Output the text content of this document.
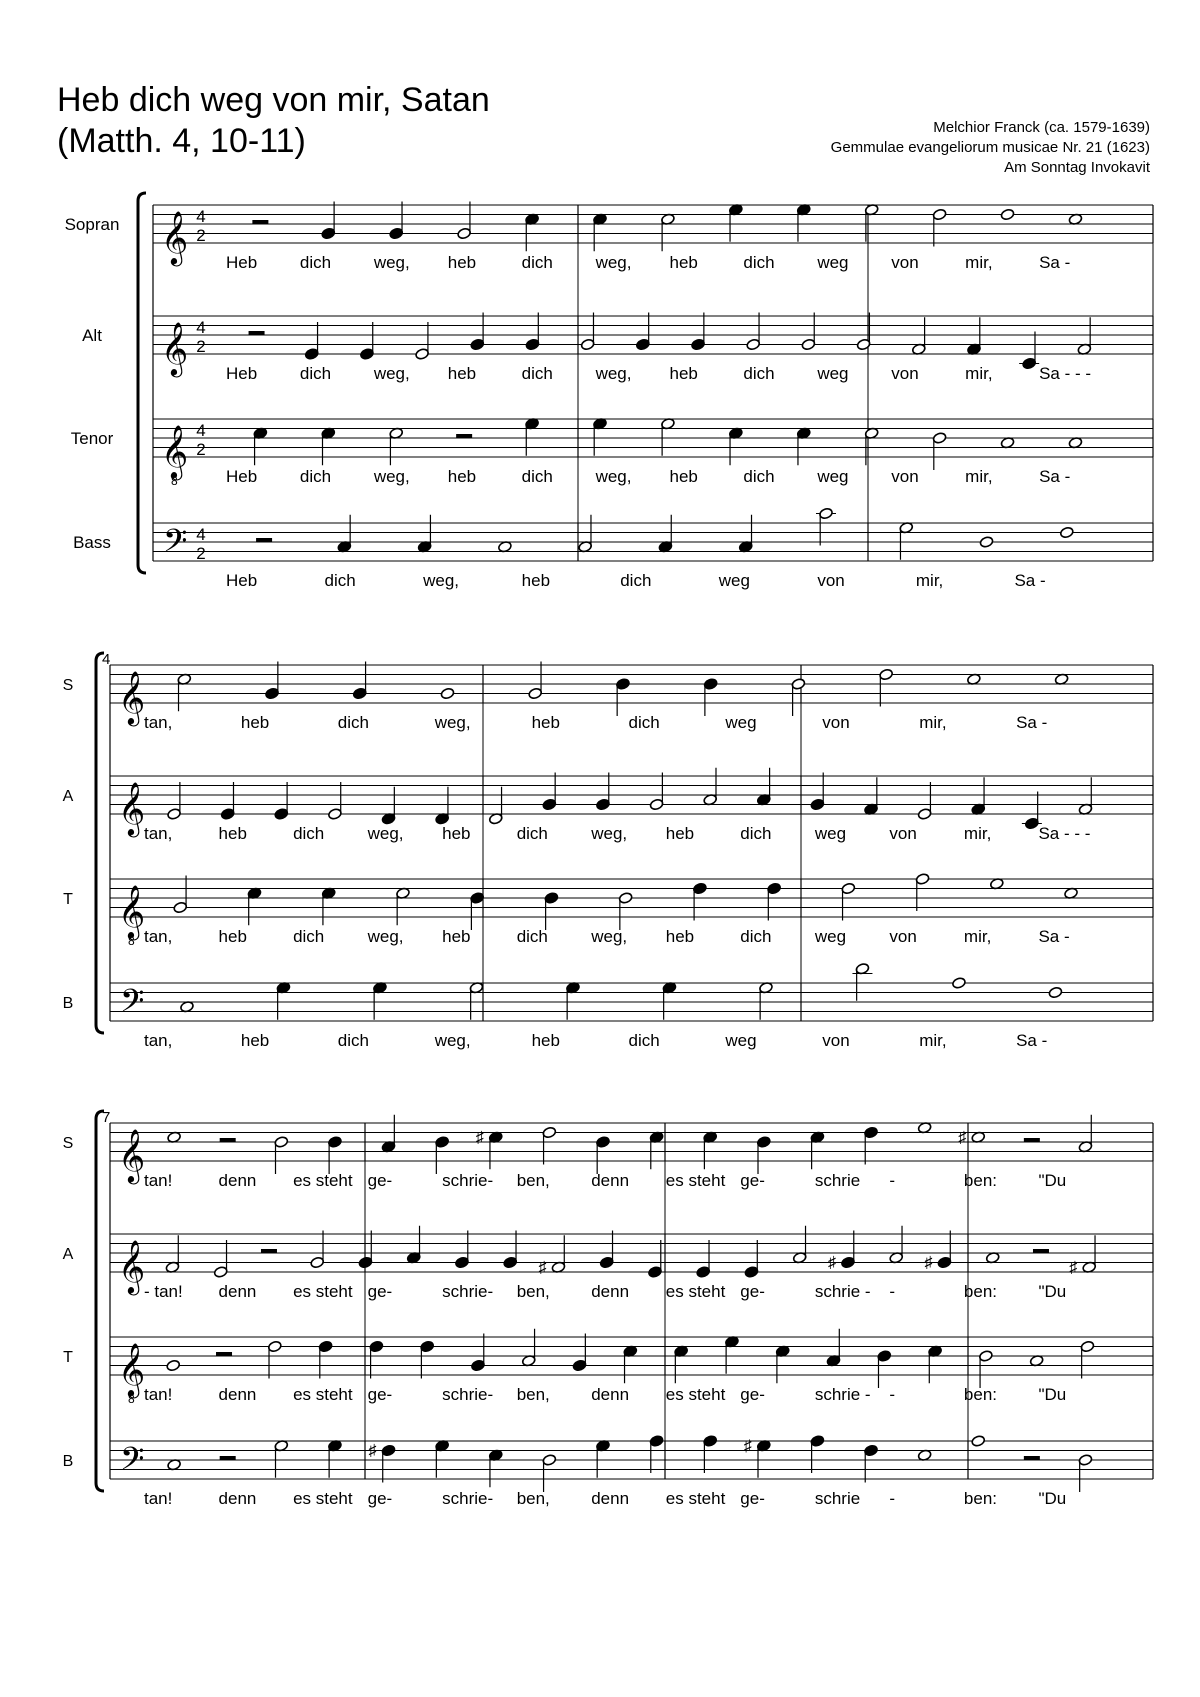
Heb dich weg von mir, Satan
(Matth. 4, 10-11)	Melchior Franck (ca. 1579-1639)
Gemmulae evangeliorum musicae Nr. 21 (1623)
Am Sonntag Invokavit
Sopran 𝄞 4
2
Heb	dich	weg, heb	dich	weg, heb	dich	weg	von	mir,	Sa -
Alt 𝄞 4
2
Heb	dich	weg, heb	dich	weg, heb	dich	weg	von	mir,	Sa - - -
Tenor 𝄞
8
4
2
Heb	dich	weg, heb	dich	weg, heb	dich	weg	von	mir,	Sa -
Bass 𝄢 4
2
Heb	dich	weg,	heb	dich	weg	von	mir,	Sa -
4
S 𝄞
tan,	heb	dich	weg,	heb	dich	weg	von	mir,	Sa -
A 𝄞
tan,	heb	dich	weg, heb	dich	weg, heb	dich	weg	von	mir,	Sa - - -
T 𝄞
8 tan,	heb	dich	weg, heb	dich	weg, heb	dich	weg	von	mir,	Sa -
B 𝄢
tan,	heb	dich	weg,	heb	dich	weg	von	mir,	Sa -
7
S 𝄞	♯	♯
tan!	denn es steht ge-	schrie- ben, denn es steht ge-	schrie -	ben: "Du
A 𝄞	♯	♯	♯	♯
- tan! denn es steht ge-	schrie- ben, denn es steht ge-	schrie - -	ben: "Du
T 𝄞
8 tan!	denn es steht ge-	schrie- ben, denn es steht ge-	schrie - -	ben: "Du
B 𝄢	♯	♯
tan!	denn es steht ge-	schrie- ben, denn es steht ge-	schrie -	ben: "Du
